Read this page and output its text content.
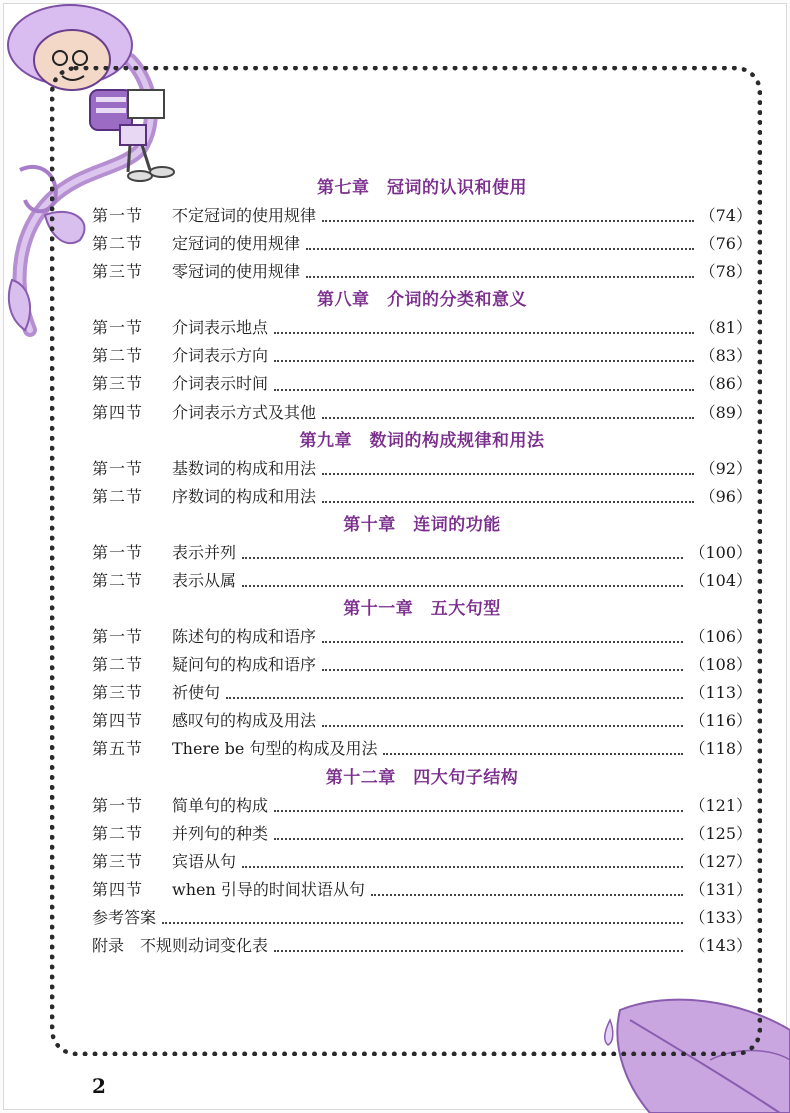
第七章　冠词的认识和使用
第一节	不定冠词的使用规律	（74）
第二节	定冠词的使用规律	（76）
第三节	零冠词的使用规律	（78）
第八章　介词的分类和意义
第一节	介词表示地点	（81）
第二节	介词表示方向	（83）
第三节	介词表示时间	（86）
第四节	介词表示方式及其他	（89）
第九章　数词的构成规律和用法
第一节	基数词的构成和用法	（92）
第二节	序数词的构成和用法	（96）
第十章　连词的功能
第一节	表示并列	（100）
第二节	表示从属	（104）
第十一章　五大句型
第一节	陈述句的构成和语序	（106）
第二节	疑问句的构成和语序	（108）
第三节	祈使句	（113）
第四节	感叹句的构成及用法	（116）
第五节	There be 句型的构成及用法	（118）
第十二章　四大句子结构
第一节	简单句的构成	（121）
第二节	并列句的种类	（125）
第三节	宾语从句	（127）
第四节	when 引导的时间状语从句	（131）
参考答案	（133）
附录　不规则动词变化表	（143）
2
